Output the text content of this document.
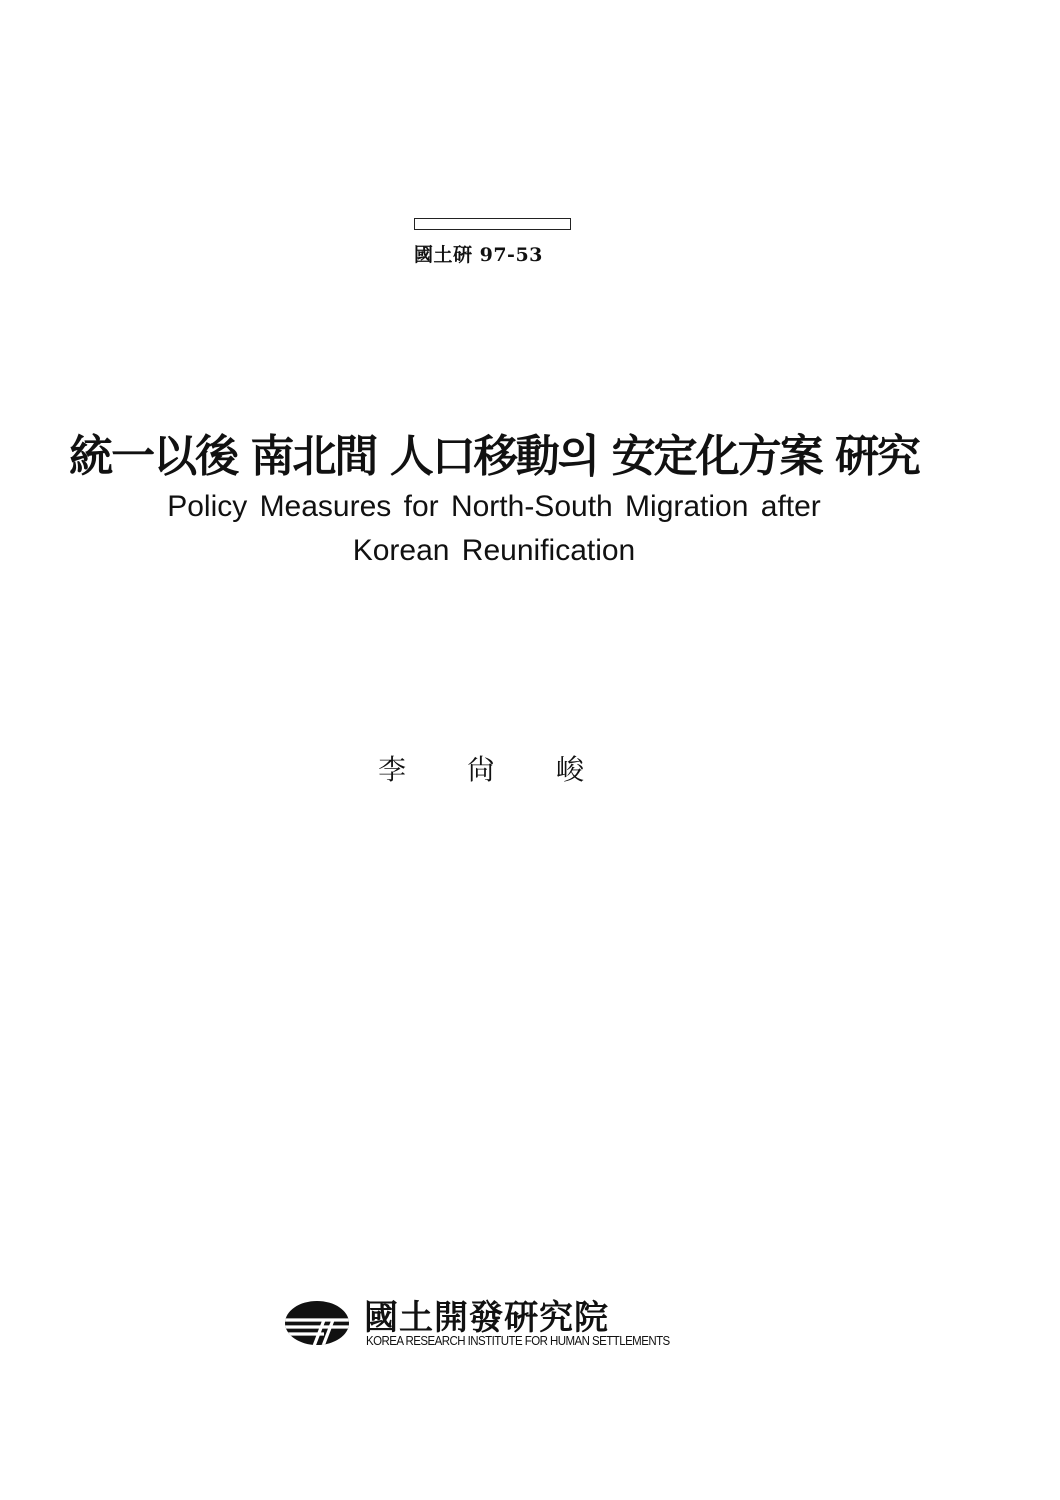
國土硏 97-53
統一以後 南北間 人口移動의 安定化方案 硏究
Policy Measures for North-South Migration after
Korean Reunification
李 尙 峻
國土開發硏究院
KOREA RESEARCH INSTITUTE FOR HUMAN SETTLEMENTS
